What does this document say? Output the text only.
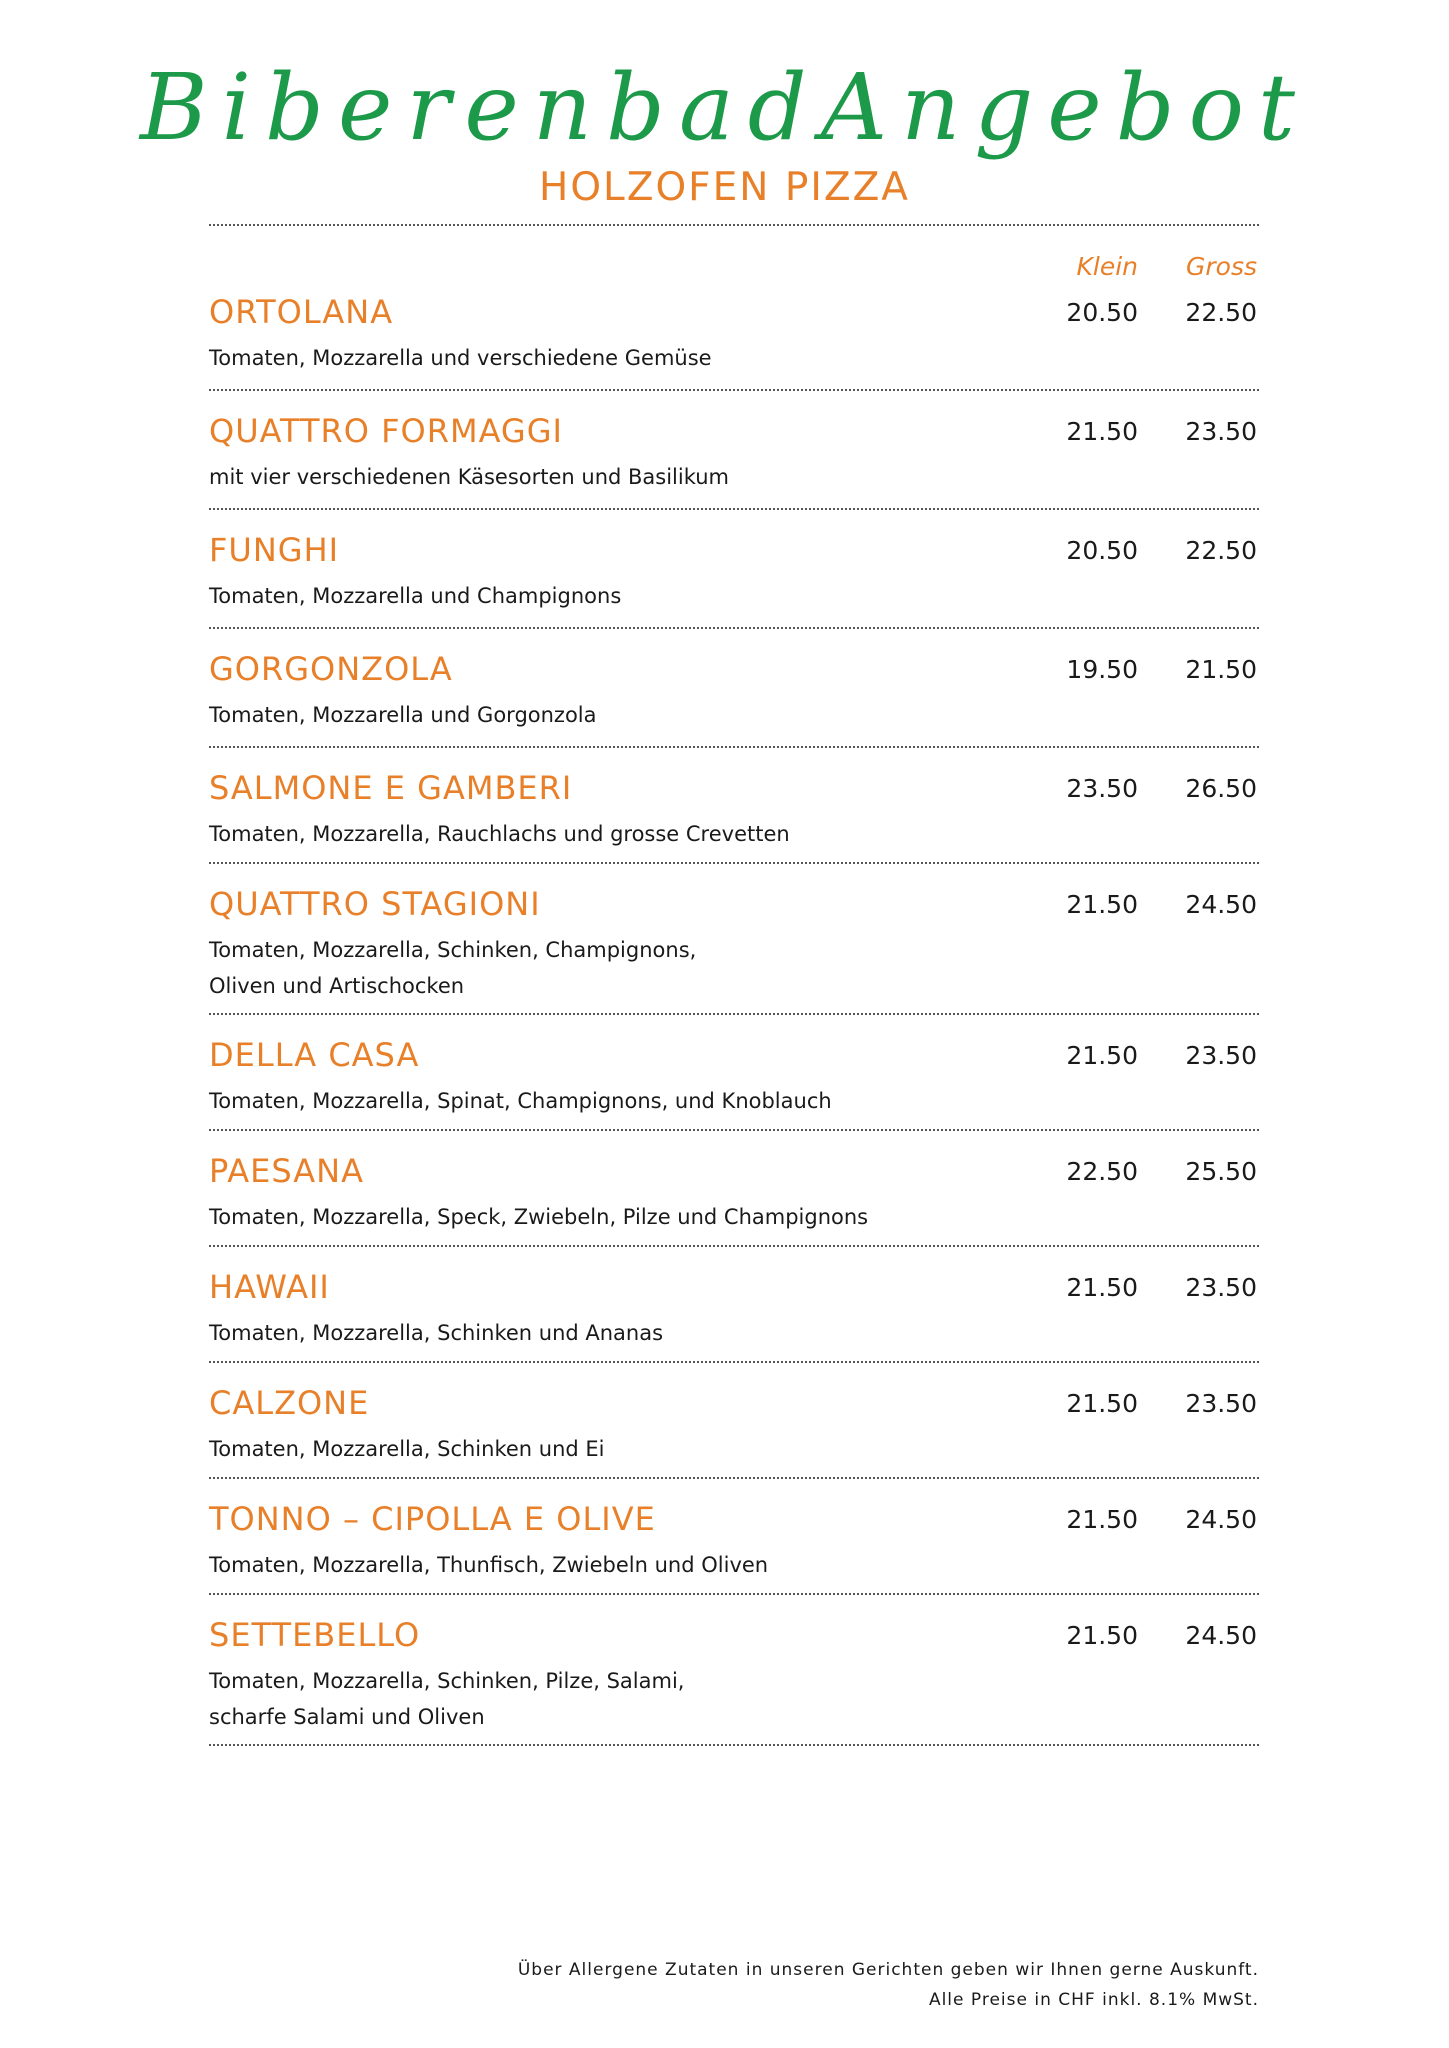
BiberenbadAngebot
HOLZOFEN PIZZA
Klein	Gross
ORTOLANA	20.50	22.50
Tomaten, Mozzarella und verschiedene Gemüse
QUATTRO FORMAGGI	21.50	23.50
mit vier verschiedenen Käsesorten und Basilikum
FUNGHI	20.50	22.50
Tomaten, Mozzarella und Champignons
GORGONZOLA	19.50	21.50
Tomaten, Mozzarella und Gorgonzola
SALMONE E GAMBERI	23.50	26.50
Tomaten, Mozzarella, Rauchlachs und grosse Crevetten
QUATTRO STAGIONI	21.50	24.50
Tomaten, Mozzarella, Schinken, Champignons,
Oliven und Artischocken
DELLA CASA	21.50	23.50
Tomaten, Mozzarella, Spinat, Champignons, und Knoblauch
PAESANA	22.50	25.50
Tomaten, Mozzarella, Speck, Zwiebeln, Pilze und Champignons
HAWAII	21.50	23.50
Tomaten, Mozzarella, Schinken und Ananas
CALZONE	21.50	23.50
Tomaten, Mozzarella, Schinken und Ei
TONNO – CIPOLLA E OLIVE	21.50	24.50
Tomaten, Mozzarella, Thunfisch, Zwiebeln und Oliven
SETTEBELLO	21.50	24.50
Tomaten, Mozzarella, Schinken, Pilze, Salami,
scharfe Salami und Oliven
Über Allergene Zutaten in unseren Gerichten geben wir Ihnen gerne Auskunft.
Alle Preise in CHF inkl. 8.1% MwSt.
